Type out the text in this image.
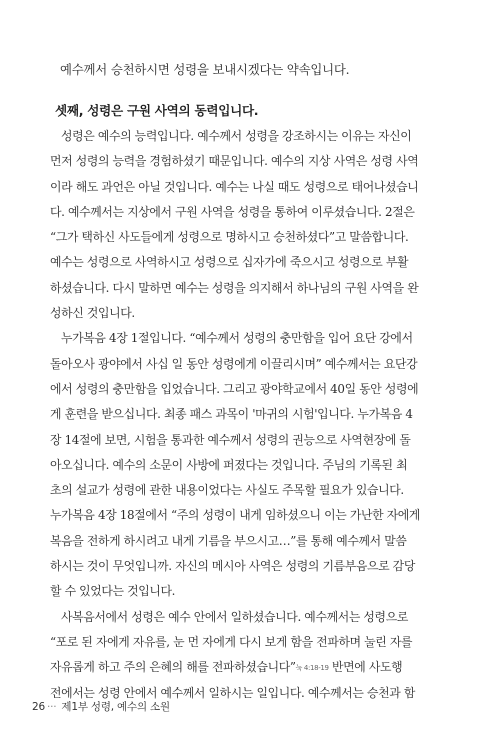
예수께서 승천하시면 성령을 보내시겠다는 약속입니다.
셋째, 성령은 구원 사역의 동력입니다.
성령은 예수의 능력입니다. 예수께서 성령을 강조하시는 이유는 자신이
먼저 성령의 능력을 경험하셨기 때문입니다. 예수의 지상 사역은 성령 사역
이라 해도 과언은 아닐 것입니다. 예수는 나실 때도 성령으로 태어나셨습니
다. 예수께서는 지상에서 구원 사역을 성령을 통하여 이루셨습니다. 2절은
“그가 택하신 사도들에게 성령으로 명하시고 승천하셨다”고 말씀합니다.
예수는 성령으로 사역하시고 성령으로 십자가에 죽으시고 성령으로 부활
하셨습니다. 다시 말하면 예수는 성령을 의지해서 하나님의 구원 사역을 완
성하신 것입니다.
누가복음 4장 1절입니다. “예수께서 성령의 충만함을 입어 요단 강에서
돌아오사 광야에서 사십 일 동안 성령에게 이끌리시며” 예수께서는 요단강
에서 성령의 충만함을 입었습니다. 그리고 광야학교에서 40일 동안 성령에
게 훈련을 받으십니다. 최종 패스 과목이 '마귀의 시험'입니다. 누가복음 4
장 14절에 보면, 시험을 통과한 예수께서 성령의 권능으로 사역현장에 돌
아오십니다. 예수의 소문이 사방에 퍼졌다는 것입니다. 주님의 기록된 최
초의 설교가 성령에 관한 내용이었다는 사실도 주목할 필요가 있습니다.
누가복음 4장 18절에서 “주의 성령이 내게 임하셨으니 이는 가난한 자에게
복음을 전하게 하시려고 내게 기름을 부으시고…”를 통해 예수께서 말씀
하시는 것이 무엇입니까. 자신의 메시아 사역은 성령의 기름부음으로 감당
할 수 있었다는 것입니다.
사복음서에서 성령은 예수 안에서 일하셨습니다. 예수께서는 성령으로
“포로 된 자에게 자유를, 눈 먼 자에게 다시 보게 함을 전파하며 눌린 자를
자유롭게 하고 주의 은혜의 해를 전파하셨습니다”눅 4:18-19 반면에 사도행
전에서는 성령 안에서 예수께서 일하시는 일입니다. 예수께서는 승천과 함
26 ··· 제1부 성령, 예수의 소원
